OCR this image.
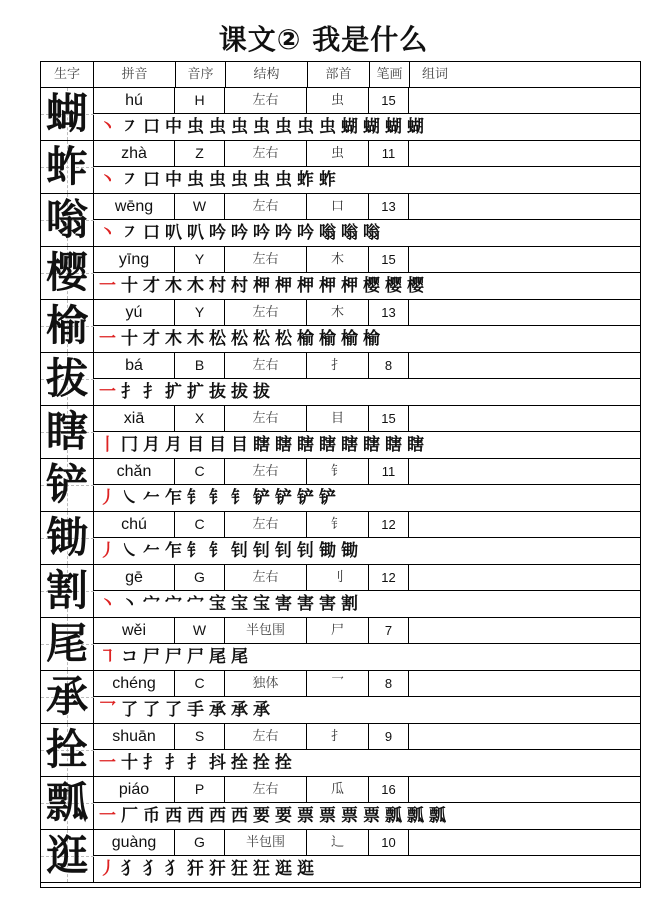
课文② 我是什么
生字	拼音	音序	结构	部首	笔画	组词
蝴	hú	H	左右	虫	15
丶 ㇇ 口 中 虫 虫 虫 虫 虫 虫 虫 蝴 蝴 蝴 蝴
蚱	zhà	Z	左右	虫	11
丶 ㇇ 口 中 虫 虫 虫 虫 虫 蚱 蚱
嗡	wēng	W	左右	口	13
丶 ㇇ 口 叭 叭 吟 吟 吟 吟 吟 嗡 嗡 嗡
樱	yīng	Y	左右	木	15
一 十 才 木 木 村 村 柙 柙 柙 柙 柙 樱 樱 樱
榆	yú	Y	左右	木	13
一 十 才 木 木 松 松 松 松 榆 榆 榆 榆
拔	bá	B	左右	扌	8
一 扌 扌 扩 扩 抜 拔 拔
瞎	xiā	X	左右	目	15
丨 冂 月 月 目 目 目 瞎 瞎 瞎 瞎 瞎 瞎 瞎 瞎
铲	chǎn	C	左右	钅	11
丿 ㇏ 𠂉 乍 钅 钅 钅 铲 铲 铲 铲
锄	chú	C	左右	钅	12
丿 ㇏ 𠂉 乍 钅 钅 钊 钊 钊 钊 锄 锄
割	gē	G	左右	刂	12
丶 丶 宀 宀 宀 宝 宝 宝 害 害 害 割
尾	wěi	W	半包围	尸	7
㇕ コ 尸 尸 尸 尾 尾
承	chéng	C	独体	乛	8
乛 了 了 了 手 承 承 承
拴	shuān	S	左右	扌	9
一 十 扌 扌 扌 抖 拴 拴 拴
瓢	piáo	P	左右	瓜	16
一 厂 币 西 西 西 西 要 要 票 票 票 票 瓢 瓢 瓢
逛	guàng	G	半包围	辶	10
丿 犭 犭 犭 犴 犴 狂 狂 逛 逛
